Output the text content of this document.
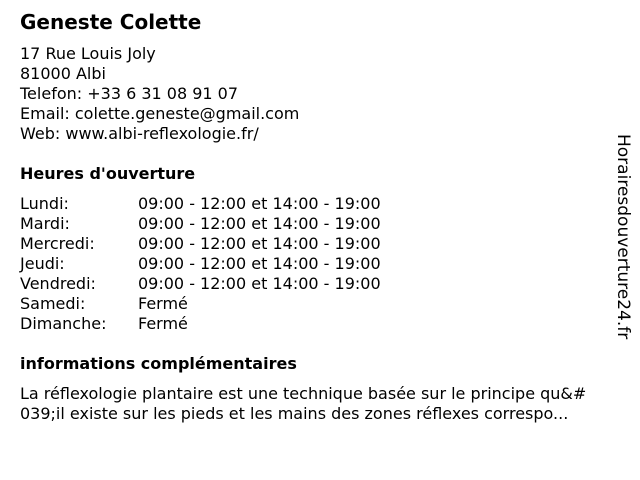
Geneste Colette
17 Rue Louis Joly
81000 Albi
Telefon: +33 6 31 08 91 07
Email: colette.geneste@gmail.com
Web: www.albi-reflexologie.fr/
Heures d'ouverture
Lundi:	09:00 - 12:00 et 14:00 - 19:00
Mardi:	09:00 - 12:00 et 14:00 - 19:00
Mercredi:	09:00 - 12:00 et 14:00 - 19:00
Jeudi:	09:00 - 12:00 et 14:00 - 19:00
Vendredi:	09:00 - 12:00 et 14:00 - 19:00
Samedi:	Fermé
Dimanche: Fermé
informations complémentaires
La réflexologie plantaire est une technique basée sur le principe qu&#
039;il existe sur les pieds et les mains des zones réflexes correspo...
Horairesdouverture24.fr
